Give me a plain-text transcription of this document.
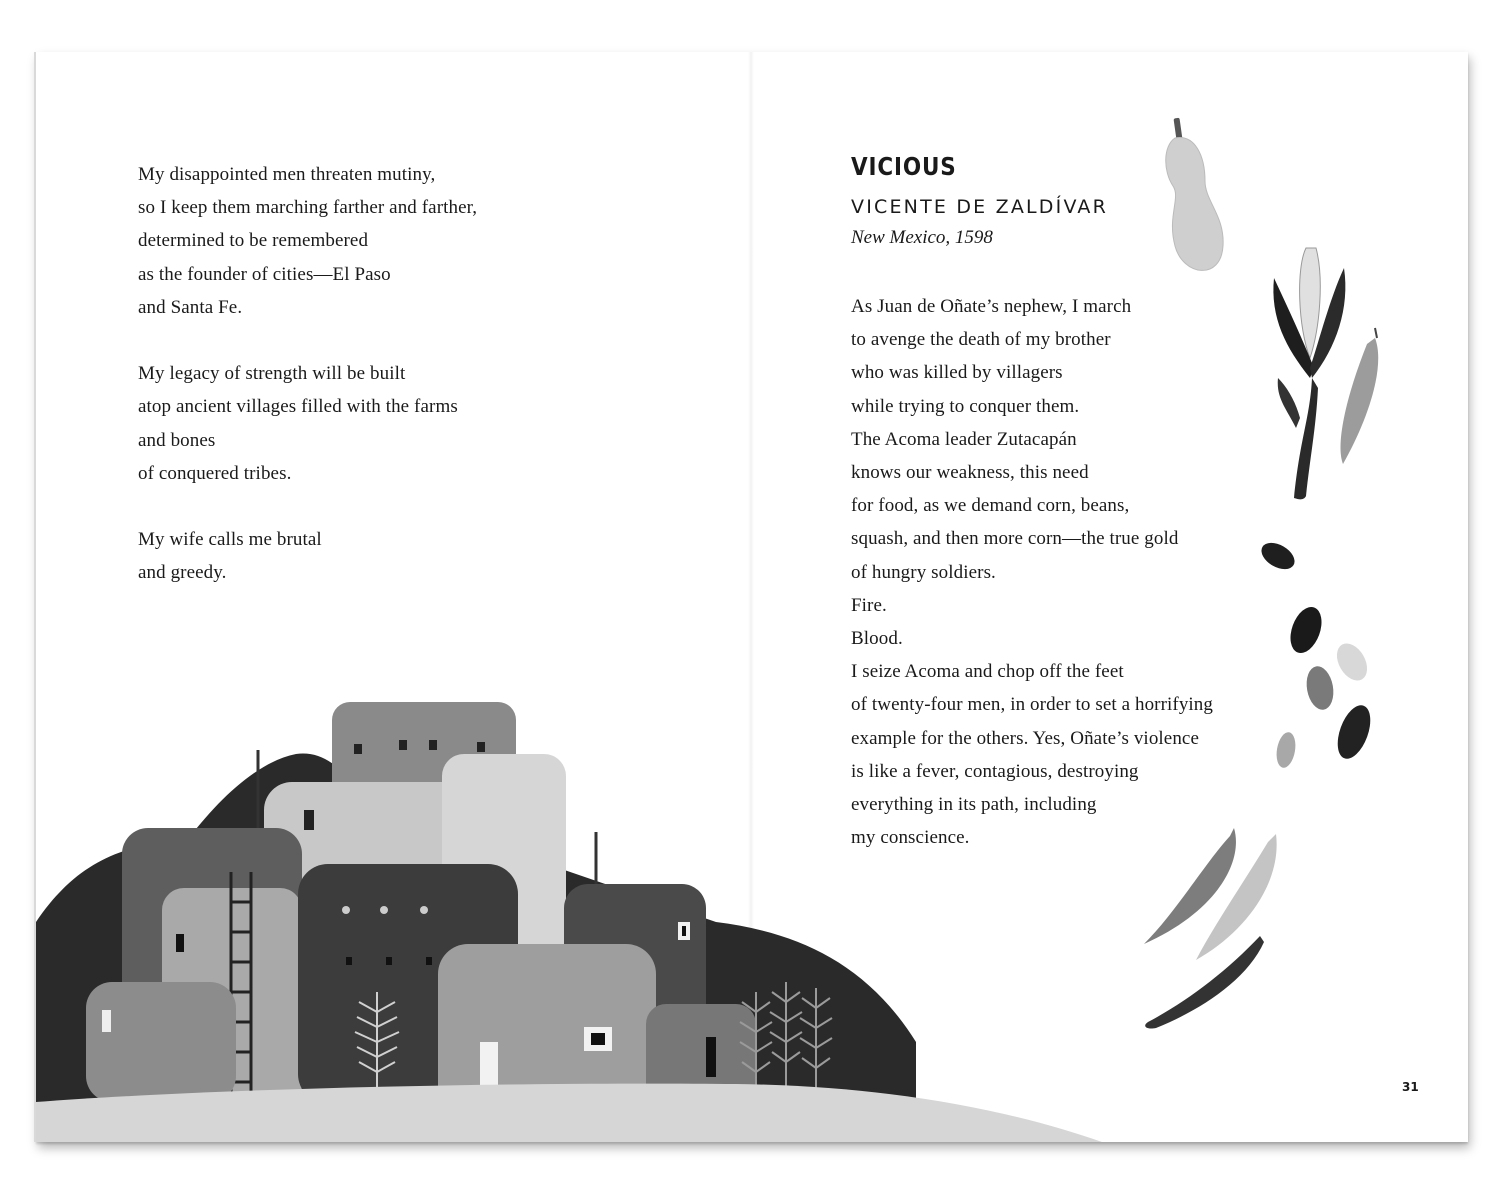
My disappointed men threaten mutiny,
so I keep them marching farther and farther,
determined to be remembered
as the founder of cities—El Paso
and Santa Fe.
My legacy of strength will be built
atop ancient villages filled with the farms
and bones
of conquered tribes.
My wife calls me brutal
and greedy.
VICIOUS
VICENTE DE ZALDÍVAR
New Mexico, 1598
As Juan de Oñate’s nephew, I march
to avenge the death of my brother
who was killed by villagers
while trying to conquer them.
The Acoma leader Zutacapán
knows our weakness, this need
for food, as we demand corn, beans,
squash, and then more corn—the true gold
of hungry soldiers.
Fire.
Blood.
I seize Acoma and chop off the feet
of twenty-four men, in order to set a horrifying
example for the others. Yes, Oñate’s violence
is like a fever, contagious, destroying
everything in its path, including
my conscience.
31
